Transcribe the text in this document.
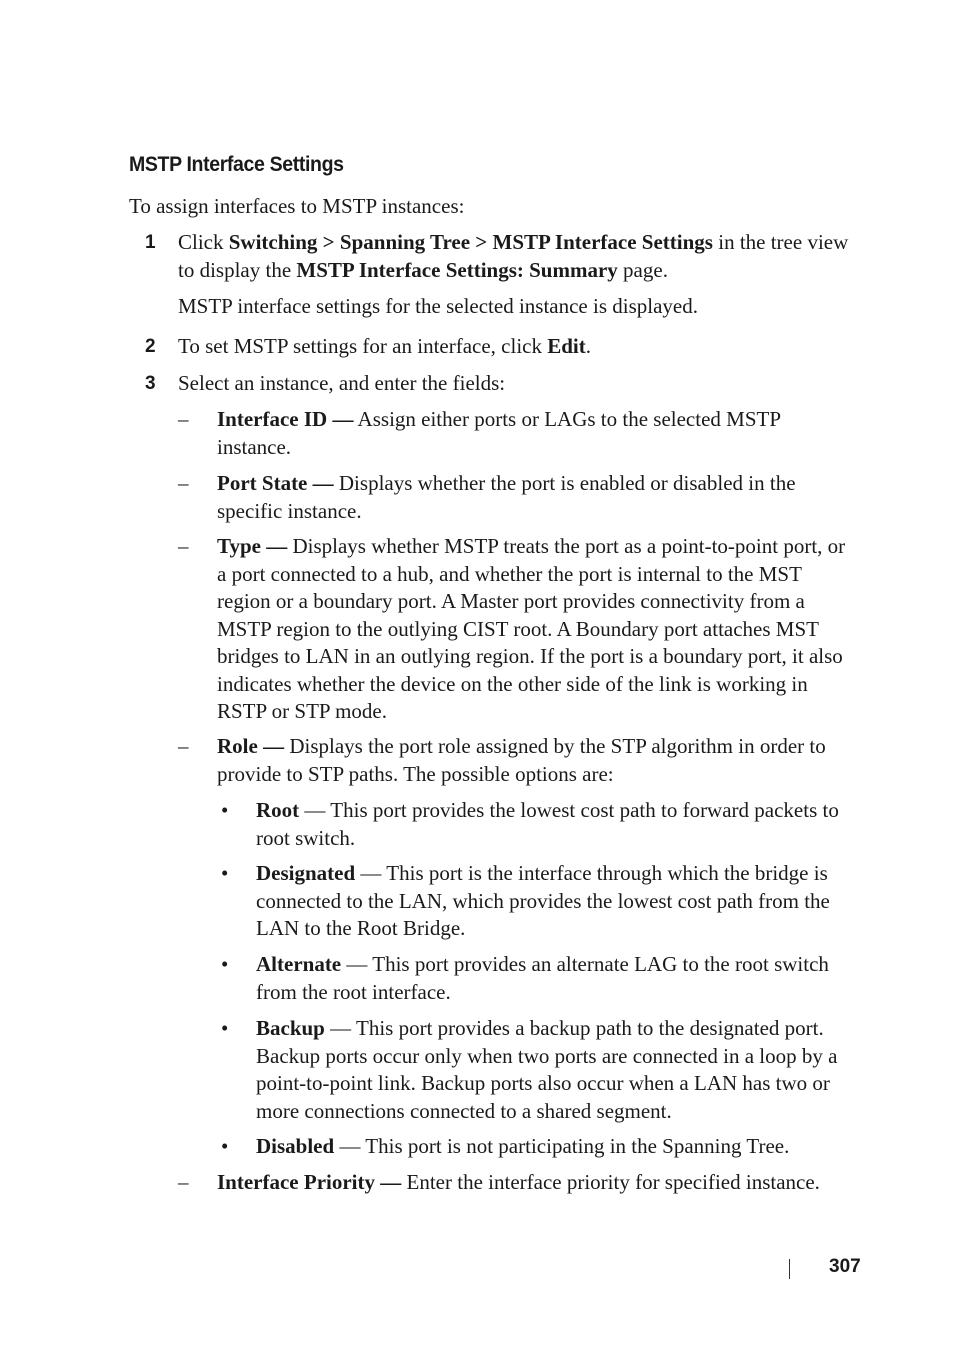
MSTP Interface Settings
To assign interfaces to MSTP instances:
1 Click Switching > Spanning Tree > MSTP Interface Settings in the tree view to display the MSTP Interface Settings: Summary page.
MSTP interface settings for the selected instance is displayed.
2 To set MSTP settings for an interface, click Edit.
3 Select an instance, and enter the fields:
– Interface ID — Assign either ports or LAGs to the selected MSTP instance.
– Port State — Displays whether the port is enabled or disabled in the specific instance.
– Type — Displays whether MSTP treats the port as a point-to-point port, or a port connected to a hub, and whether the port is internal to the MST region or a boundary port. A Master port provides connectivity from a MSTP region to the outlying CIST root. A Boundary port attaches MST bridges to LAN in an outlying region. If the port is a boundary port, it also indicates whether the device on the other side of the link is working in RSTP or STP mode.
– Role — Displays the port role assigned by the STP algorithm in order to provide to STP paths. The possible options are:
• Root — This port provides the lowest cost path to forward packets to root switch.
• Designated — This port is the interface through which the bridge is connected to the LAN, which provides the lowest cost path from the LAN to the Root Bridge.
• Alternate — This port provides an alternate LAG to the root switch from the root interface.
• Backup — This port provides a backup path to the designated port. Backup ports occur only when two ports are connected in a loop by a point-to-point link. Backup ports also occur when a LAN has two or more connections connected to a shared segment.
• Disabled — This port is not participating in the Spanning Tree.
– Interface Priority — Enter the interface priority for specified instance.
307
